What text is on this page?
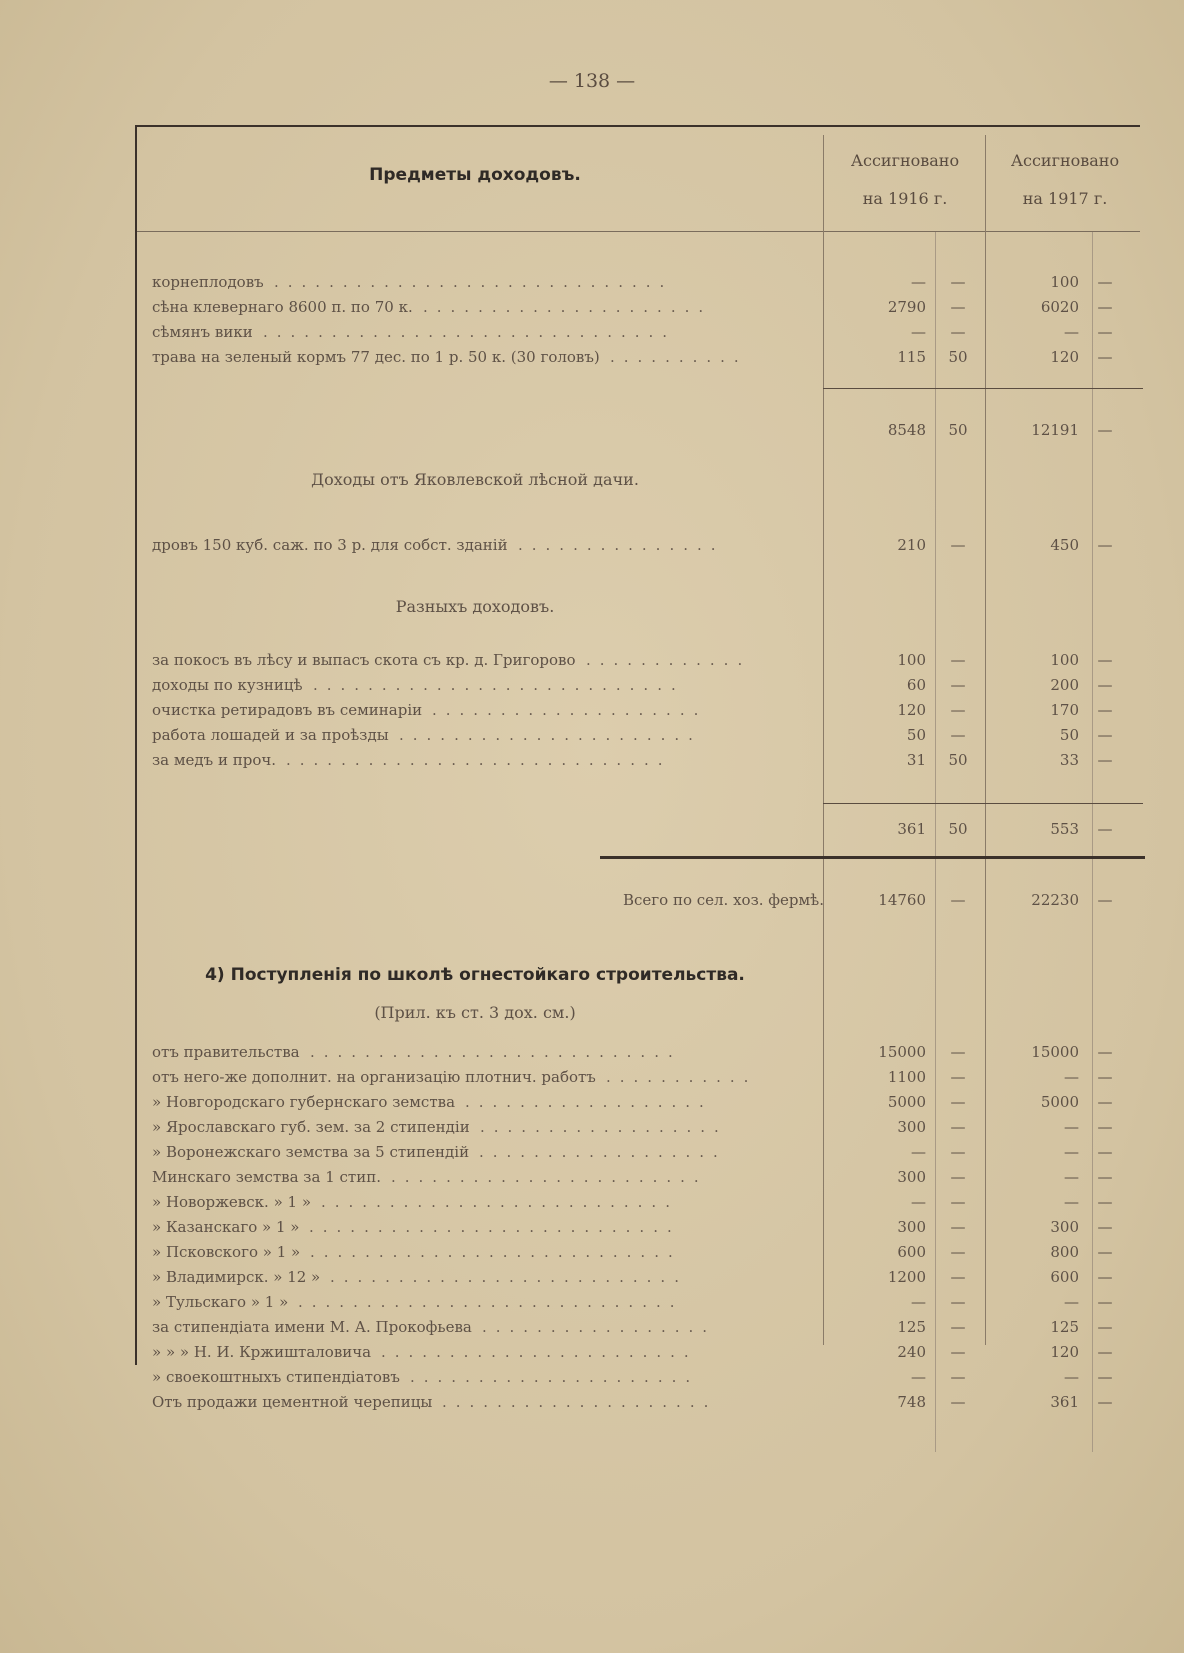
— 138 —
Предметы доходовъ.
Ассигновано
на 1916 г.
Ассигновано
на 1917 г.
корнеплодовъ .............................	—	—	100	—
сѣна клевернаго 8600 п. по 70 к. .....................	2790	—	6020	—
сѣмянъ вики ..............................	—	—	—	—
трава на зеленый кормъ 77 дес. по 1 р. 50 к. (30 головъ) ..........	115	50	120	—
8548	50	12191	—
Доходы отъ Яковлевской лѣсной дачи.
дровъ 150 куб. саж. по 3 р. для собст. зданій ...............	210	—	450	—
Разныхъ доходовъ.
за покосъ въ лѣсу и выпасъ скота съ кр. д. Григорово ............	100	—	100	—
доходы по кузницѣ ...........................	60	—	200	—
очистка ретирадовъ въ семинаріи ....................	120	—	170	—
работа лошадей и за проѣзды ......................	50	—	50	—
за медъ и проч. ............................	31	50	33	—
361	50	553	—
Всего по сел. хоз. фермѣ.	14760	—	22230	—
4) Поступленія по школѣ огнестойкаго строительства.
(Прил. къ ст. 3 дох. см.)
отъ правительства ...........................	15000	—	15000	—
отъ него-же дополнит. на организацію плотнич. работъ ...........	1100	—	—	—
» Новгородскаго губернскаго земства ..................	5000	—	5000	—
» Ярославскаго губ. зем. за 2 стипендіи ..................	300	—	—	—
» Воронежскаго земства за 5 стипендій ..................	—	—	—	—
Минскаго земства за 1 стип. .......................	300	—	—	—
» Новоржевск. » 1 » ..........................	—	—	—	—
» Казанскаго » 1 » ...........................	300	—	300	—
» Псковского » 1 » ...........................	600	—	800	—
» Владимирск. » 12 » ..........................	1200	—	600	—
» Тульскаго » 1 » ............................	—	—	—	—
за стипендіата имени М. А. Прокофьева .................	125	—	125	—
» » » Н. И. Кржишталовича .......................	240	—	120	—
» своекоштныхъ стипендіатовъ .....................	—	—	—	—
Отъ продажи цементной черепицы ....................	748	—	361	—
